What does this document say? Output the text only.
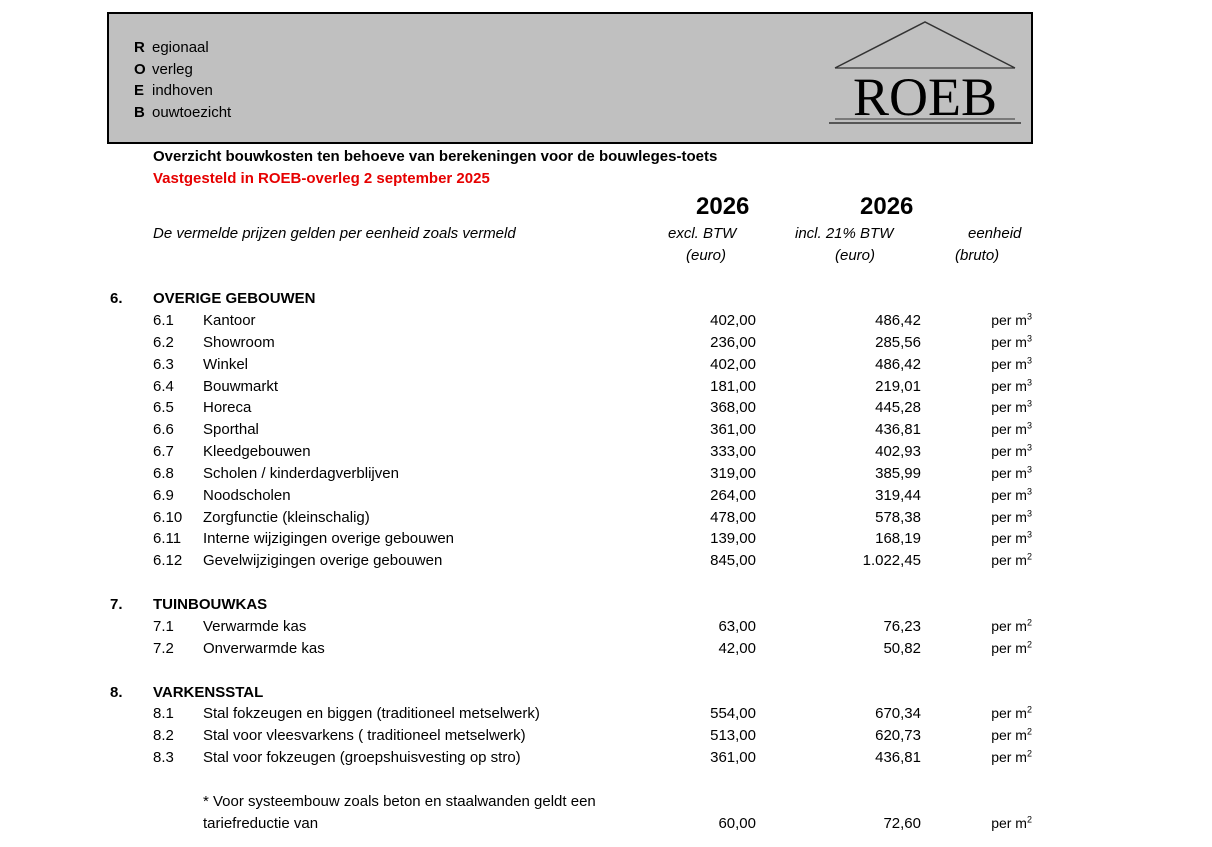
R egionaal
O verleg
E indhoven
B ouwtoezicht	ROEB
Overzicht bouwkosten ten behoeve van berekeningen voor de bouwleges-toets
Vastgesteld in ROEB-overleg 2 september 2025
2026	2026
De vermelde prijzen gelden per eenheid zoals vermeld	excl. BTW	incl. 21% BTW	eenheid
(euro)	(euro)	(bruto)
6. OVERIGE GEBOUWEN
6.1 Kantoor	402,00	486,42	per $m^3$
6.2 Showroom	236,00	285,56	per $m^3$
6.3 Winkel	402,00	486,42	per $m^3$
6.4 Bouwmarkt	181,00	219,01	per $m^3$
6.5 Horeca	368,00	445,28	per $m^3$
6.6 Sporthal	361,00	436,81	per $m^3$
6.7 Kleedgebouwen	333,00	402,93	per $m^3$
6.8 Scholen / kinderdagverblijven	319,00	385,99	per $m^3$
6.9 Noodscholen	264,00	319,44	per $m^3$
6.10 Zorgfunctie (kleinschalig)	478,00	578,38	per $m^3$
6.11 Interne wijzigingen overige gebouwen	139,00	168,19	per $m^3$
6.12 Gevelwijzigingen overige gebouwen	845,00	1.022,45	per $m^2$
7. TUINBOUWKAS
7.1 Verwarmde kas	63,00	76,23	per $m^2$
7.2 Onverwarmde kas	42,00	50,82	per $m^2$
8. VARKENSSTAL
8.1 Stal fokzeugen en biggen (traditioneel metselwerk)	554,00	670,34	per $m^2$
8.2 Stal voor vleesvarkens ( traditioneel metselwerk)	513,00	620,73	per $m^2$
8.3 Stal voor fokzeugen (groepshuisvesting op stro)	361,00	436,81	per $m^2$
* Voor systeembouw zoals beton en staalwanden geldt een
tariefreductie van	60,00	72,60	per $m^2$
